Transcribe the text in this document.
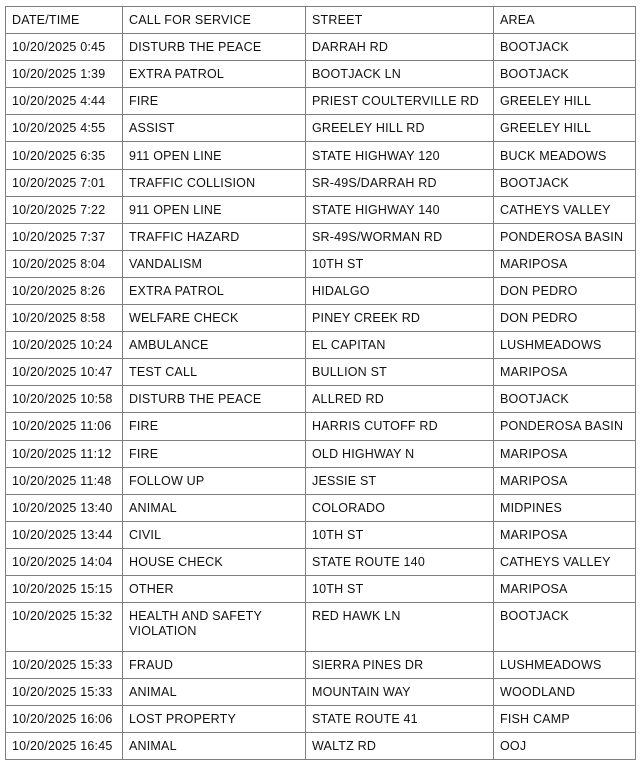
DATE/TIME	CALL FOR SERVICE	STREET	AREA
10/20/2025 0:45	DISTURB THE PEACE	DARRAH RD	BOOTJACK
10/20/2025 1:39	EXTRA PATROL	BOOTJACK LN	BOOTJACK
10/20/2025 4:44	FIRE	PRIEST COULTERVILLE RD	GREELEY HILL
10/20/2025 4:55	ASSIST	GREELEY HILL RD	GREELEY HILL
10/20/2025 6:35	911 OPEN LINE	STATE HIGHWAY 120	BUCK MEADOWS
10/20/2025 7:01	TRAFFIC COLLISION	SR-49S/DARRAH RD	BOOTJACK
10/20/2025 7:22	911 OPEN LINE	STATE HIGHWAY 140	CATHEYS VALLEY
10/20/2025 7:37	TRAFFIC HAZARD	SR-49S/WORMAN RD	PONDEROSA BASIN
10/20/2025 8:04	VANDALISM	10TH ST	MARIPOSA
10/20/2025 8:26	EXTRA PATROL	HIDALGO	DON PEDRO
10/20/2025 8:58	WELFARE CHECK	PINEY CREEK RD	DON PEDRO
10/20/2025 10:24	AMBULANCE	EL CAPITAN	LUSHMEADOWS
10/20/2025 10:47	TEST CALL	BULLION ST	MARIPOSA
10/20/2025 10:58	DISTURB THE PEACE	ALLRED RD	BOOTJACK
10/20/2025 11:06	FIRE	HARRIS CUTOFF RD	PONDEROSA BASIN
10/20/2025 11:12	FIRE	OLD HIGHWAY N	MARIPOSA
10/20/2025 11:48	FOLLOW UP	JESSIE ST	MARIPOSA
10/20/2025 13:40	ANIMAL	COLORADO	MIDPINES
10/20/2025 13:44	CIVIL	10TH ST	MARIPOSA
10/20/2025 14:04	HOUSE CHECK	STATE ROUTE 140	CATHEYS VALLEY
10/20/2025 15:15	OTHER	10TH ST	MARIPOSA
10/20/2025 15:32	HEALTH AND SAFETY VIOLATION	RED HAWK LN	BOOTJACK
10/20/2025 15:33	FRAUD	SIERRA PINES DR	LUSHMEADOWS
10/20/2025 15:33	ANIMAL	MOUNTAIN WAY	WOODLAND
10/20/2025 16:06	LOST PROPERTY	STATE ROUTE 41	FISH CAMP
10/20/2025 16:45	ANIMAL	WALTZ RD	OOJ
